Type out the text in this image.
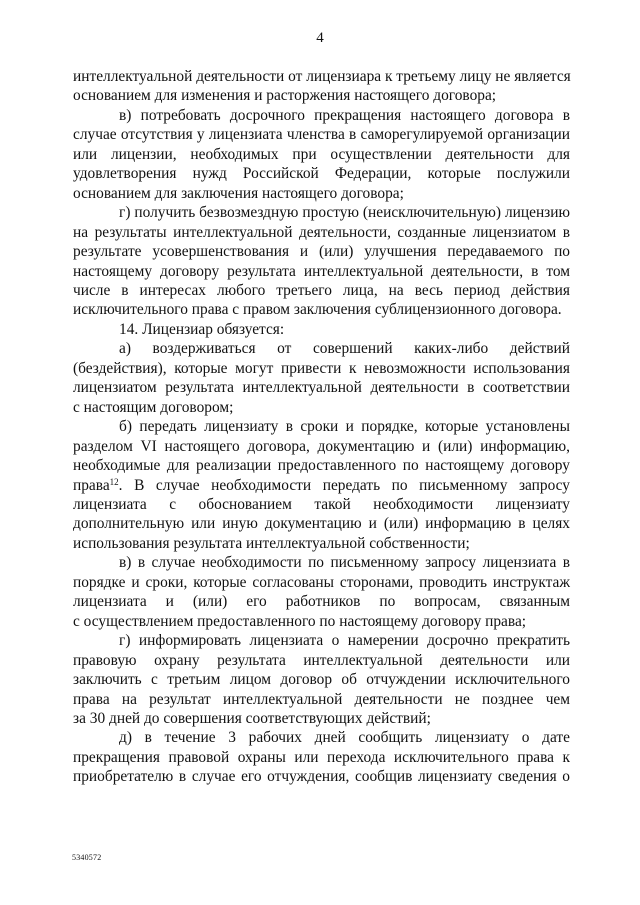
4
интеллектуальной деятельности от лицензиара к третьему лицу не является
основанием для изменения и расторжения настоящего договора;
в) потребовать досрочного прекращения настоящего договора в
случае отсутствия у лицензиата членства в саморегулируемой организации
или лицензии, необходимых при осуществлении деятельности для
удовлетворения нужд Российской Федерации, которые послужили
основанием для заключения настоящего договора;
г) получить безвозмездную простую (неисключительную) лицензию
на результаты интеллектуальной деятельности, созданные лицензиатом в
результате усовершенствования и (или) улучшения передаваемого по
настоящему договору результата интеллектуальной деятельности, в том
числе в интересах любого третьего лица, на весь период действия
исключительного права с правом заключения сублицензионного договора.
14. Лицензиар обязуется:
а) воздерживаться от совершений каких-либо действий
(бездействия), которые могут привести к невозможности использования
лицензиатом результата интеллектуальной деятельности в соответствии
с настоящим договором;
б) передать лицензиату в сроки и порядке, которые установлены
разделом VI настоящего договора, документацию и (или) информацию,
необходимые для реализации предоставленного по настоящему договору
права$^{12}$. В случае необходимости передать по письменному запросу
лицензиата с обоснованием такой необходимости лицензиату
дополнительную или иную документацию и (или) информацию в целях
использования результата интеллектуальной собственности;
в) в случае необходимости по письменному запросу лицензиата в
порядке и сроки, которые согласованы сторонами, проводить инструктаж
лицензиата и (или) его работников по вопросам, связанным
с осуществлением предоставленного по настоящему договору права;
г) информировать лицензиата о намерении досрочно прекратить
правовую охрану результата интеллектуальной деятельности или
заключить с третьим лицом договор об отчуждении исключительного
права на результат интеллектуальной деятельности не позднее чем
за 30 дней до совершения соответствующих действий;
д) в течение 3 рабочих дней сообщить лицензиату о дате
прекращения правовой охраны или перехода исключительного права к
приобретателю в случае его отчуждения, сообщив лицензиату сведения о
5340572
